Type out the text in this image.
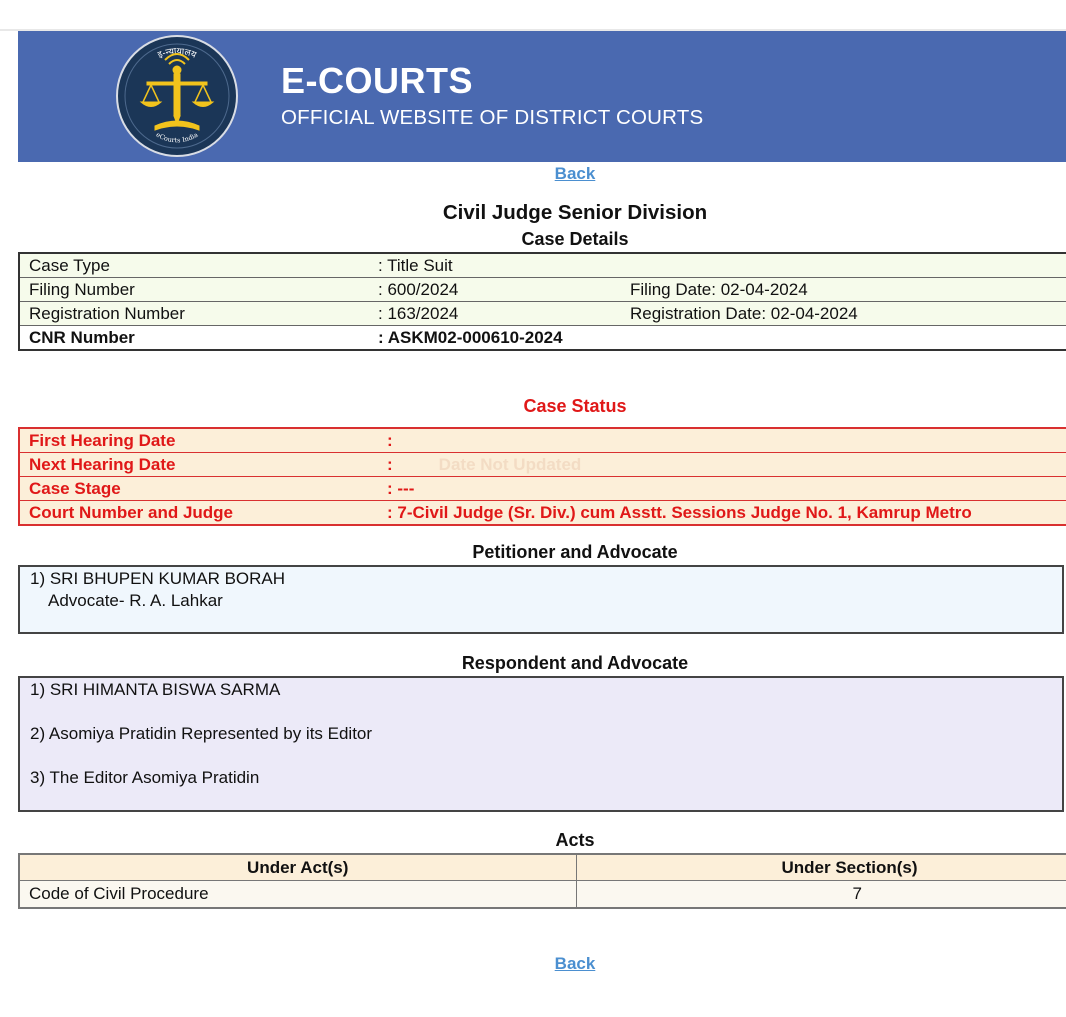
इ-न्यायालय
eCourts India
E-COURTS
OFFICIAL WEBSITE OF DISTRICT COURTS
Back
Civil Judge Senior Division
Case Details
Case Type	: Title Suit	
Filing Number	: 600/2024	Filing Date: 02-04-2024
Registration Number	: 163/2024	Registration Date: 02-04-2024
CNR Number	: ASKM02-000610-2024	
Case Status
First Hearing Date	:
Next Hearing Date	: Date Not Updated
Case Stage	: ---
Court Number and Judge	: 7-Civil Judge (Sr. Div.) cum Asstt. Sessions Judge No. 1, Kamrup Metro
Petitioner and Advocate
1) SRI BHUPEN KUMAR BORAH
Advocate- R. A. Lahkar
Respondent and Advocate
1) SRI HIMANTA BISWA SARMA
2) Asomiya Pratidin Represented by its Editor
3) The Editor Asomiya Pratidin
Acts
Under Act(s)	Under Section(s)
Code of Civil Procedure	7
Back
